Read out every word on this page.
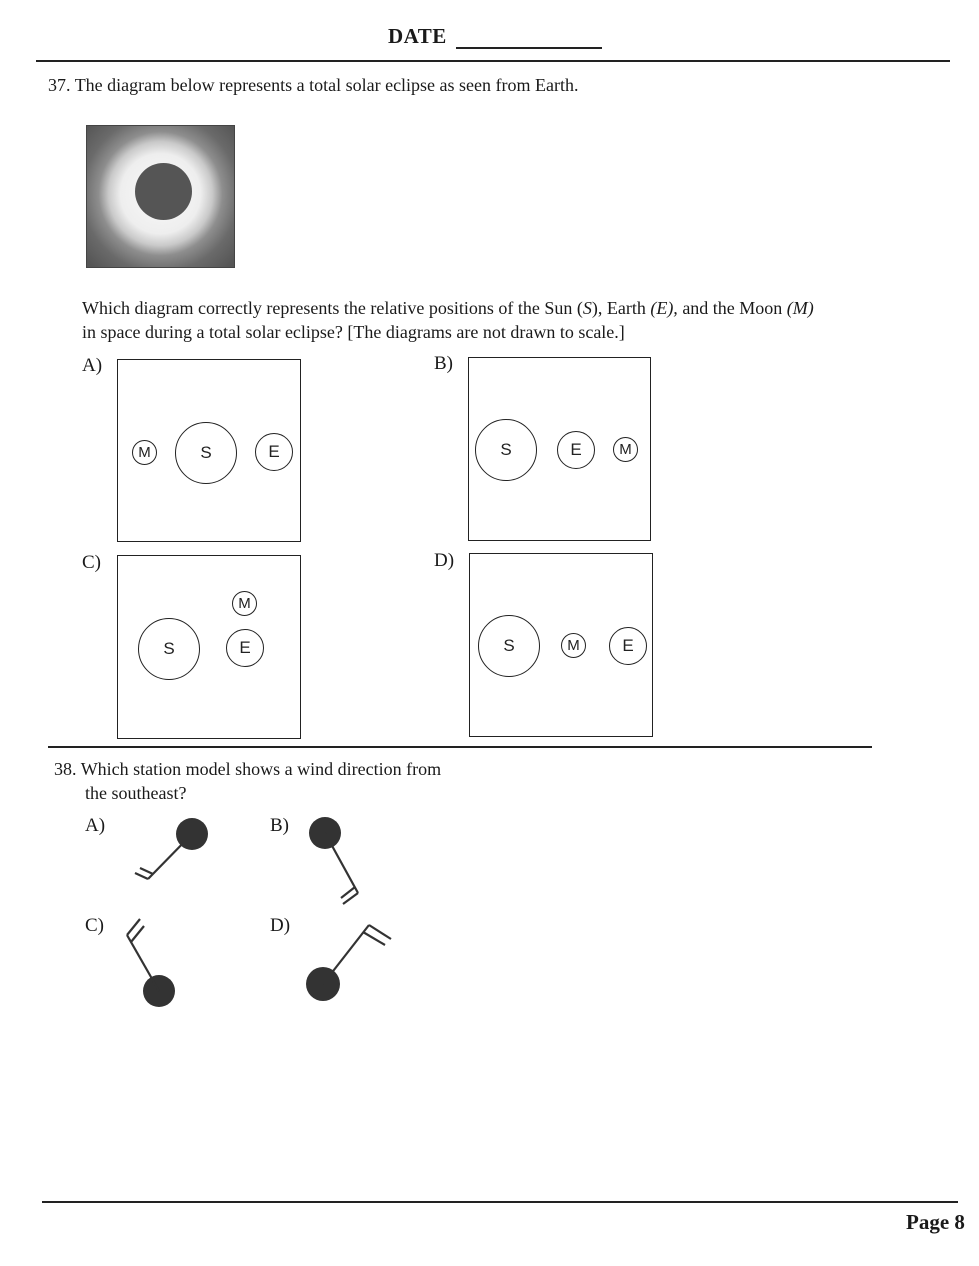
DATE
37. The diagram below represents a total solar eclipse as seen from Earth.
Which diagram correctly represents the relative positions of the Sun (S), Earth (E), and the Moon (M)
in space during a total solar eclipse? [The diagrams are not drawn to scale.]
A)
M	S	E
B)
S	E	M
C)
M
S	E
D)
S	M	E
38. Which station model shows a wind direction from
the southeast?
A)	B)
C)	D)
Page 8
